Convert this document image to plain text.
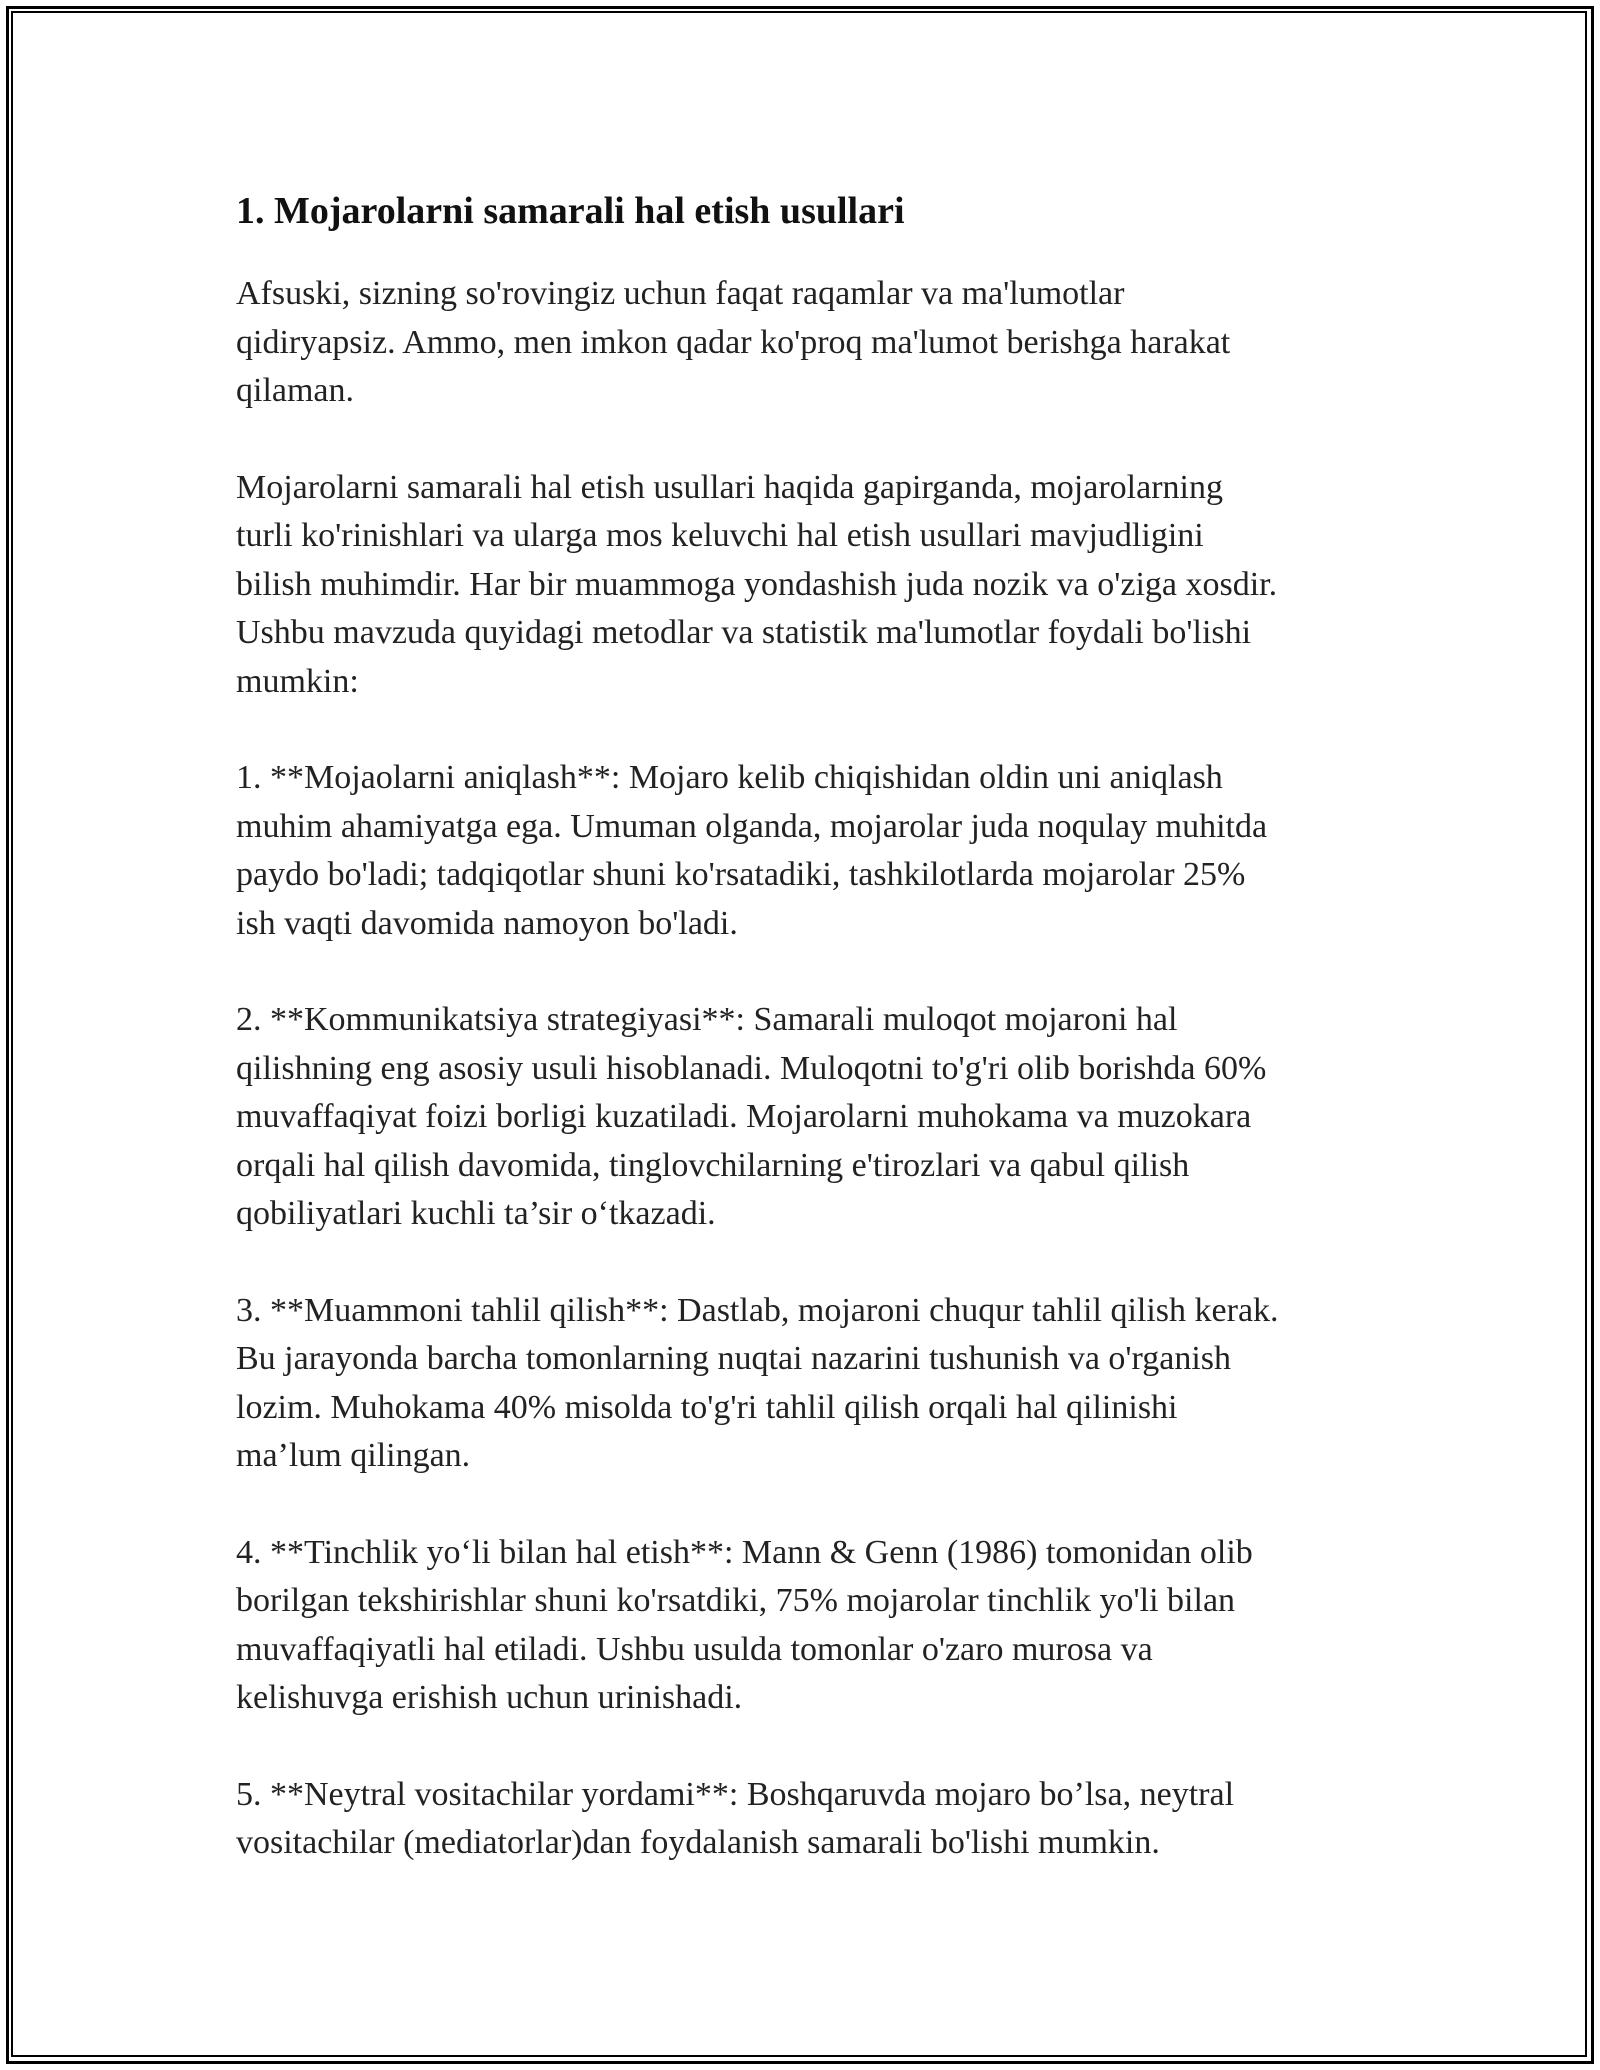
1. Mojarolarni samarali hal etish usullari

Afsuski, sizning so'rovingiz uchun faqat raqamlar va ma'lumotlar
qidiryapsiz. Ammo, men imkon qadar ko'proq ma'lumot berishga harakat
qilaman.

Mojarolarni samarali hal etish usullari haqida gapirganda, mojarolarning
turli ko'rinishlari va ularga mos keluvchi hal etish usullari mavjudligini
bilish muhimdir. Har bir muammoga yondashish juda nozik va o'ziga xosdir.
Ushbu mavzuda quyidagi metodlar va statistik ma'lumotlar foydali bo'lishi
mumkin:

1. **Mojaolarni aniqlash**: Mojaro kelib chiqishidan oldin uni aniqlash
muhim ahamiyatga ega. Umuman olganda, mojarolar juda noqulay muhitda
paydo bo'ladi; tadqiqotlar shuni ko'rsatadiki, tashkilotlarda mojarolar 25%
ish vaqti davomida namoyon bo'ladi.

2. **Kommunikatsiya strategiyasi**: Samarali muloqot mojaroni hal
qilishning eng asosiy usuli hisoblanadi. Muloqotni to'g'ri olib borishda 60%
muvaffaqiyat foizi borligi kuzatiladi. Mojarolarni muhokama va muzokara
orqali hal qilish davomida, tinglovchilarning e'tirozlari va qabul qilish
qobiliyatlari kuchli ta’sir o‘tkazadi.

3. **Muammoni tahlil qilish**: Dastlab, mojaroni chuqur tahlil qilish kerak.
Bu jarayonda barcha tomonlarning nuqtai nazarini tushunish va o'rganish
lozim. Muhokama 40% misolda to'g'ri tahlil qilish orqali hal qilinishi
ma’lum qilingan.

4. **Tinchlik yo‘li bilan hal etish**: Mann & Genn (1986) tomonidan olib
borilgan tekshirishlar shuni ko'rsatdiki, 75% mojarolar tinchlik yo'li bilan
muvaffaqiyatli hal etiladi. Ushbu usulda tomonlar o'zaro murosa va
kelishuvga erishish uchun urinishadi.

5. **Neytral vositachilar yordami**: Boshqaruvda mojaro bo’lsa, neytral
vositachilar (mediatorlar)dan foydalanish samarali bo'lishi mumkin.
